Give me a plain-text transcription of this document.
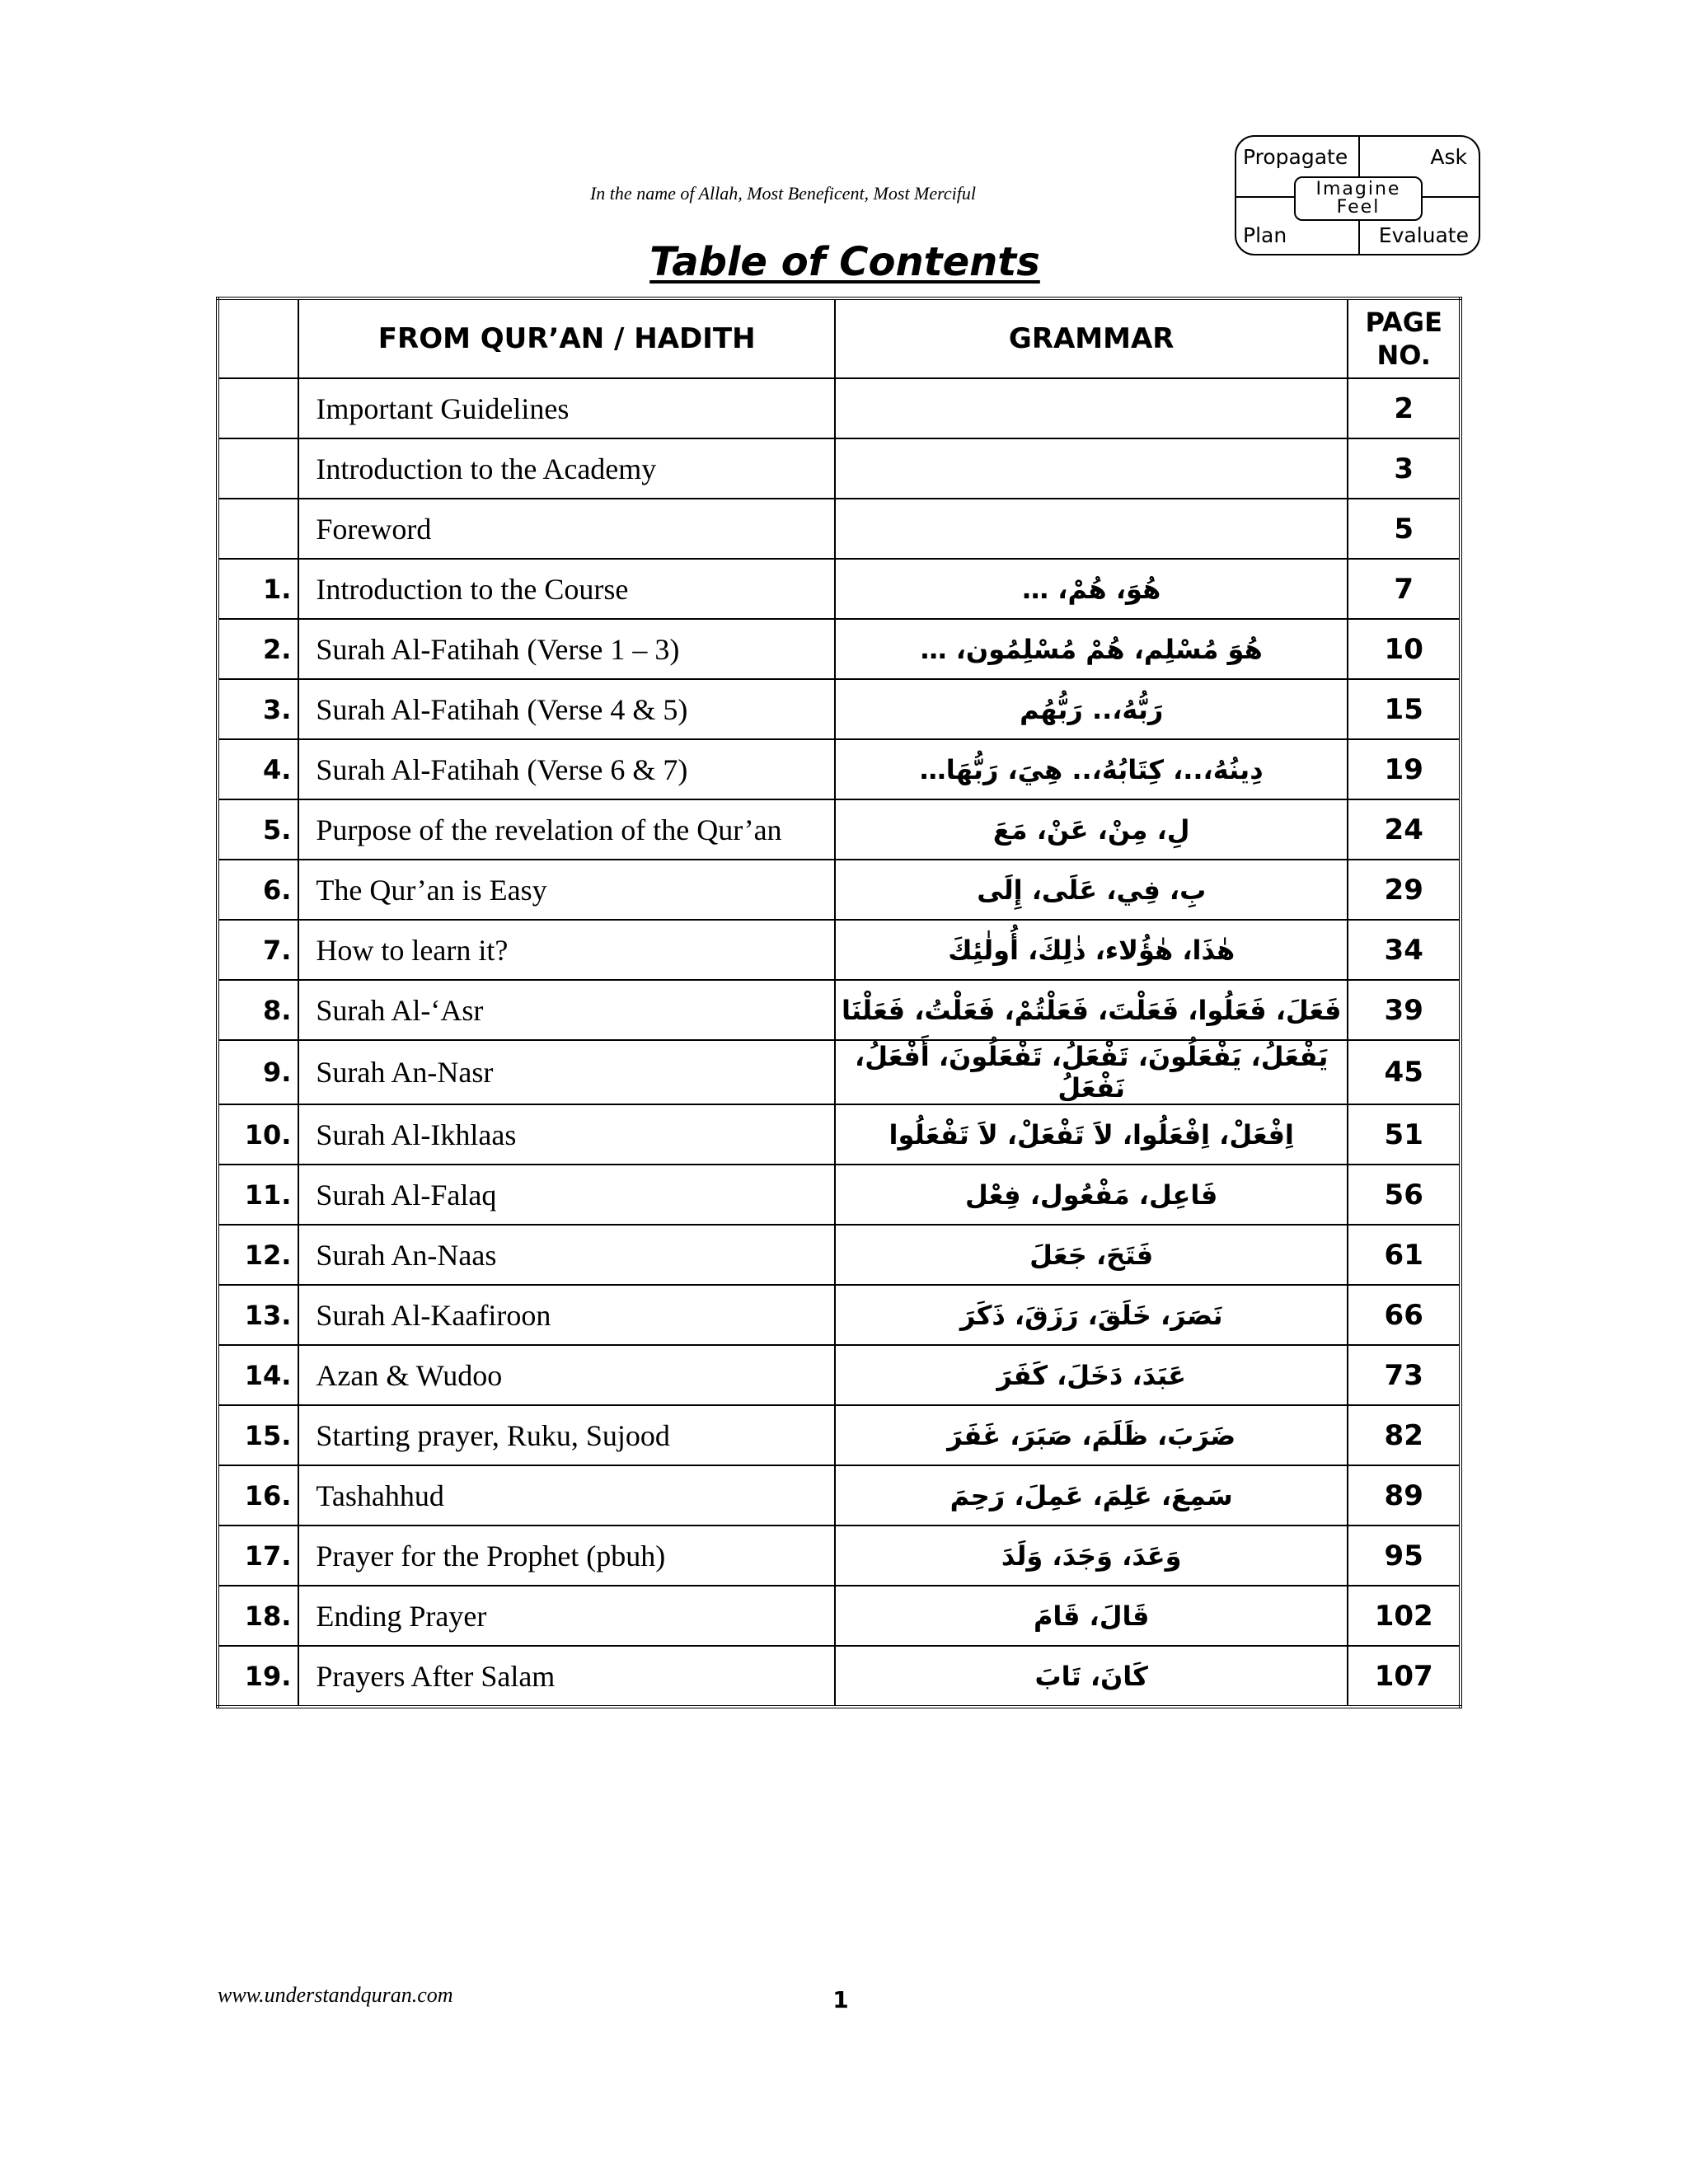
In the name of Allah, Most Beneficent, Most Merciful
Propagate	Ask
Plan	Evaluate
Imagine
Feel
Table of Contents
	FROM QUR’AN / HADITH	GRAMMAR	PAGE
NO.

	Important Guidelines		2
	Introduction to the Academy		3
	Foreword		5
1.	Introduction to the Course	هُوَ، هُمْ، …	7
2.	Surah Al-Fatihah (Verse 1 – 3)	هُوَ مُسْلِم، هُمْ مُسْلِمُون، …	10
3.	Surah Al-Fatihah (Verse 4 & 5)	رَبُّهُ،.. رَبُّهُم	15
4.	Surah Al-Fatihah (Verse 6 & 7)	دِينُهُ،..، كِتَابُهُ،.. هِيَ، رَبُّهَا…	19
5.	Purpose of the revelation of the Qur’an	لِ، مِنْ، عَنْ، مَعَ	24
6.	The Qur’an is Easy	بِ، فِي، عَلَى، إِلَى	29
7.	How to learn it?	هٰذَا، هٰؤُلاء، ذٰلِكَ، أُولٰئِكَ	34
8.	Surah Al-‘Asr	فَعَلَ، فَعَلُوا، فَعَلْتَ، فَعَلْتُمْ، فَعَلْتُ، فَعَلْنَا	39
9.	Surah An-Nasr	يَفْعَلُ، يَفْعَلُونَ، تَفْعَلُ، تَفْعَلُونَ، أَفْعَلُ، نَفْعَلُ	45
10.	Surah Al-Ikhlaas	اِفْعَلْ، اِفْعَلُوا، لاَ تَفْعَلْ، لاَ تَفْعَلُوا	51
11.	Surah Al-Falaq	فَاعِل، مَفْعُول، فِعْل	56
12.	Surah An-Naas	فَتَحَ، جَعَلَ	61
13.	Surah Al-Kaafiroon	نَصَرَ، خَلَقَ، رَزَقَ، ذَكَرَ	66
14.	Azan & Wudoo	عَبَدَ، دَخَلَ، كَفَرَ	73
15.	Starting prayer, Ruku, Sujood	ضَرَبَ، ظَلَمَ، صَبَرَ، غَفَرَ	82
16.	Tashahhud	سَمِعَ، عَلِمَ، عَمِلَ، رَحِمَ	89
17.	Prayer for the Prophet (pbuh)	وَعَدَ، وَجَدَ، وَلَدَ	95
18.	Ending Prayer	قَالَ، قَامَ	102
19.	Prayers After Salam	كَانَ، تَابَ	107
www.understandquran.com	1
